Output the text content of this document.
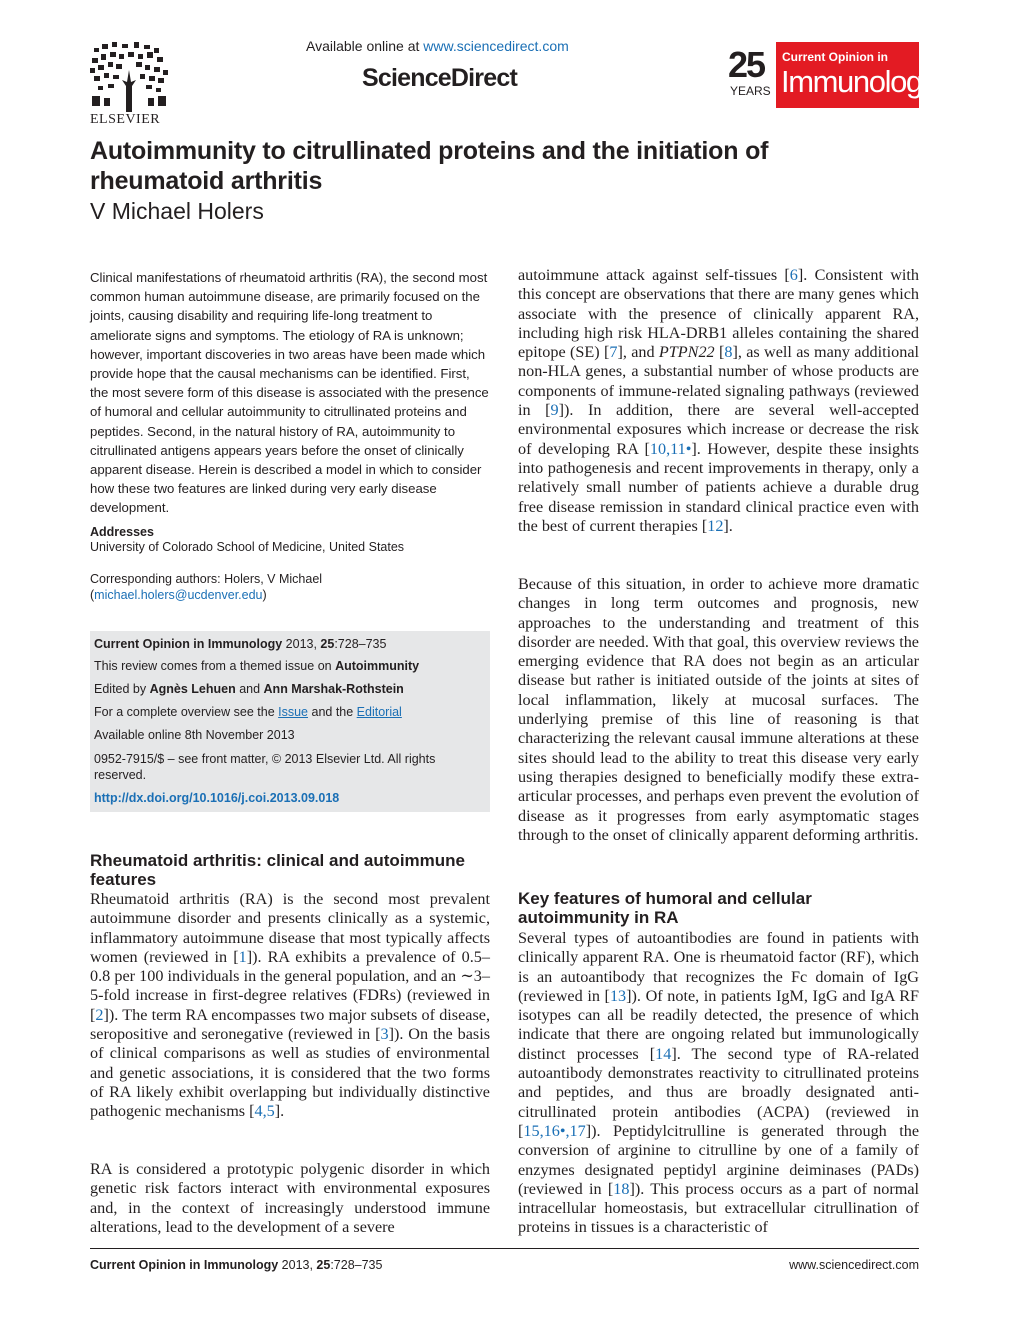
ELSEVIER
Available online at www.sciencedirect.com
ScienceDirect	25
YEARS
Current Opinion in
Immunology
Autoimmunity to citrullinated proteins and the initiation of rheumatoid arthritis
V Michael Holers
Clinical manifestations of rheumatoid arthritis (RA), the second most common human autoimmune disease, are primarily focused on the joints, causing disability and requiring life-long treatment to ameliorate signs and symptoms. The etiology of RA is unknown; however, important discoveries in two areas have been made which provide hope that the causal mechanisms can be identified. First, the most severe form of this disease is associated with the presence of humoral and cellular autoimmunity to citrullinated proteins and peptides. Second, in the natural history of RA, autoimmunity to citrullinated antigens appears years before the onset of clinically apparent disease. Herein is described a model in which to consider how these two features are linked during very early disease development.
Addresses
University of Colorado School of Medicine, United States
Corresponding authors: Holers, V Michael
(michael.holers@ucdenver.edu)
Current Opinion in Immunology 2013, 25:728–735
This review comes from a themed issue on Autoimmunity
Edited by Agnès Lehuen and Ann Marshak-Rothstein
For a complete overview see the Issue and the Editorial
Available online 8th November 2013
0952-7915/$ – see front matter, © 2013 Elsevier Ltd. All rights reserved.
http://dx.doi.org/10.1016/j.coi.2013.09.018
Rheumatoid arthritis: clinical and autoimmune features
Rheumatoid arthritis (RA) is the second most prevalent autoimmune disorder and presents clinically as a systemic, inflammatory autoimmune disease that most typically affects women (reviewed in [1]). RA exhibits a prevalence of 0.5–0.8 per 100 individuals in the general population, and an ∼3–5-fold increase in first-degree relatives (FDRs) (reviewed in [2]). The term RA encompasses two major subsets of disease, seropositive and seronegative (reviewed in [3]). On the basis of clinical comparisons as well as studies of environmental and genetic associations, it is considered that the two forms of RA likely exhibit overlapping but individually distinctive pathogenic mechanisms [4,5].
RA is considered a prototypic polygenic disorder in which genetic risk factors interact with environmental exposures and, in the context of increasingly understood immune alterations, lead to the development of a severe
autoimmune attack against self-tissues [6]. Consistent with this concept are observations that there are many genes which associate with the presence of clinically apparent RA, including high risk HLA-DRB1 alleles containing the shared epitope (SE) [7], and PTPN22 [8], as well as many additional non-HLA genes, a substantial number of whose products are components of immune-related signaling pathways (reviewed in [9]). In addition, there are several well-accepted environmental exposures which increase or decrease the risk of developing RA [10,11•]. However, despite these insights into pathogenesis and recent improvements in therapy, only a relatively small number of patients achieve a durable drug free disease remission in standard clinical practice even with the best of current therapies [12].
Because of this situation, in order to achieve more dramatic changes in long term outcomes and prognosis, new approaches to the understanding and treatment of this disorder are needed. With that goal, this overview reviews the emerging evidence that RA does not begin as an articular disease but rather is initiated outside of the joints at sites of local inflammation, likely at mucosal surfaces. The underlying premise of this line of reasoning is that characterizing the relevant causal immune alterations at these sites should lead to the ability to treat this disease very early using therapies designed to beneficially modify these extra-articular processes, and perhaps even prevent the evolution of disease as it progresses from early asymptomatic stages through to the onset of clinically apparent deforming arthritis.
Key features of humoral and cellular autoimmunity in RA
Several types of autoantibodies are found in patients with clinically apparent RA. One is rheumatoid factor (RF), which is an autoantibody that recognizes the Fc domain of IgG (reviewed in [13]). Of note, in patients IgM, IgG and IgA RF isotypes can all be readily detected, the presence of which indicate that there are ongoing related but immunologically distinct processes [14]. The second type of RA-related autoantibody demonstrates reactivity to citrullinated proteins and peptides, and thus are broadly designated anti-citrullinated protein antibodies (ACPA) (reviewed in [15,16•,17]). Peptidylcitrulline is generated through the conversion of arginine to citrulline by one of a family of enzymes designated peptidyl arginine deiminases (PADs) (reviewed in [18]). This process occurs as a part of normal intracellular homeostasis, but extracellular citrullination of proteins in tissues is a characteristic of
Current Opinion in Immunology 2013, 25:728–735	www.sciencedirect.com
